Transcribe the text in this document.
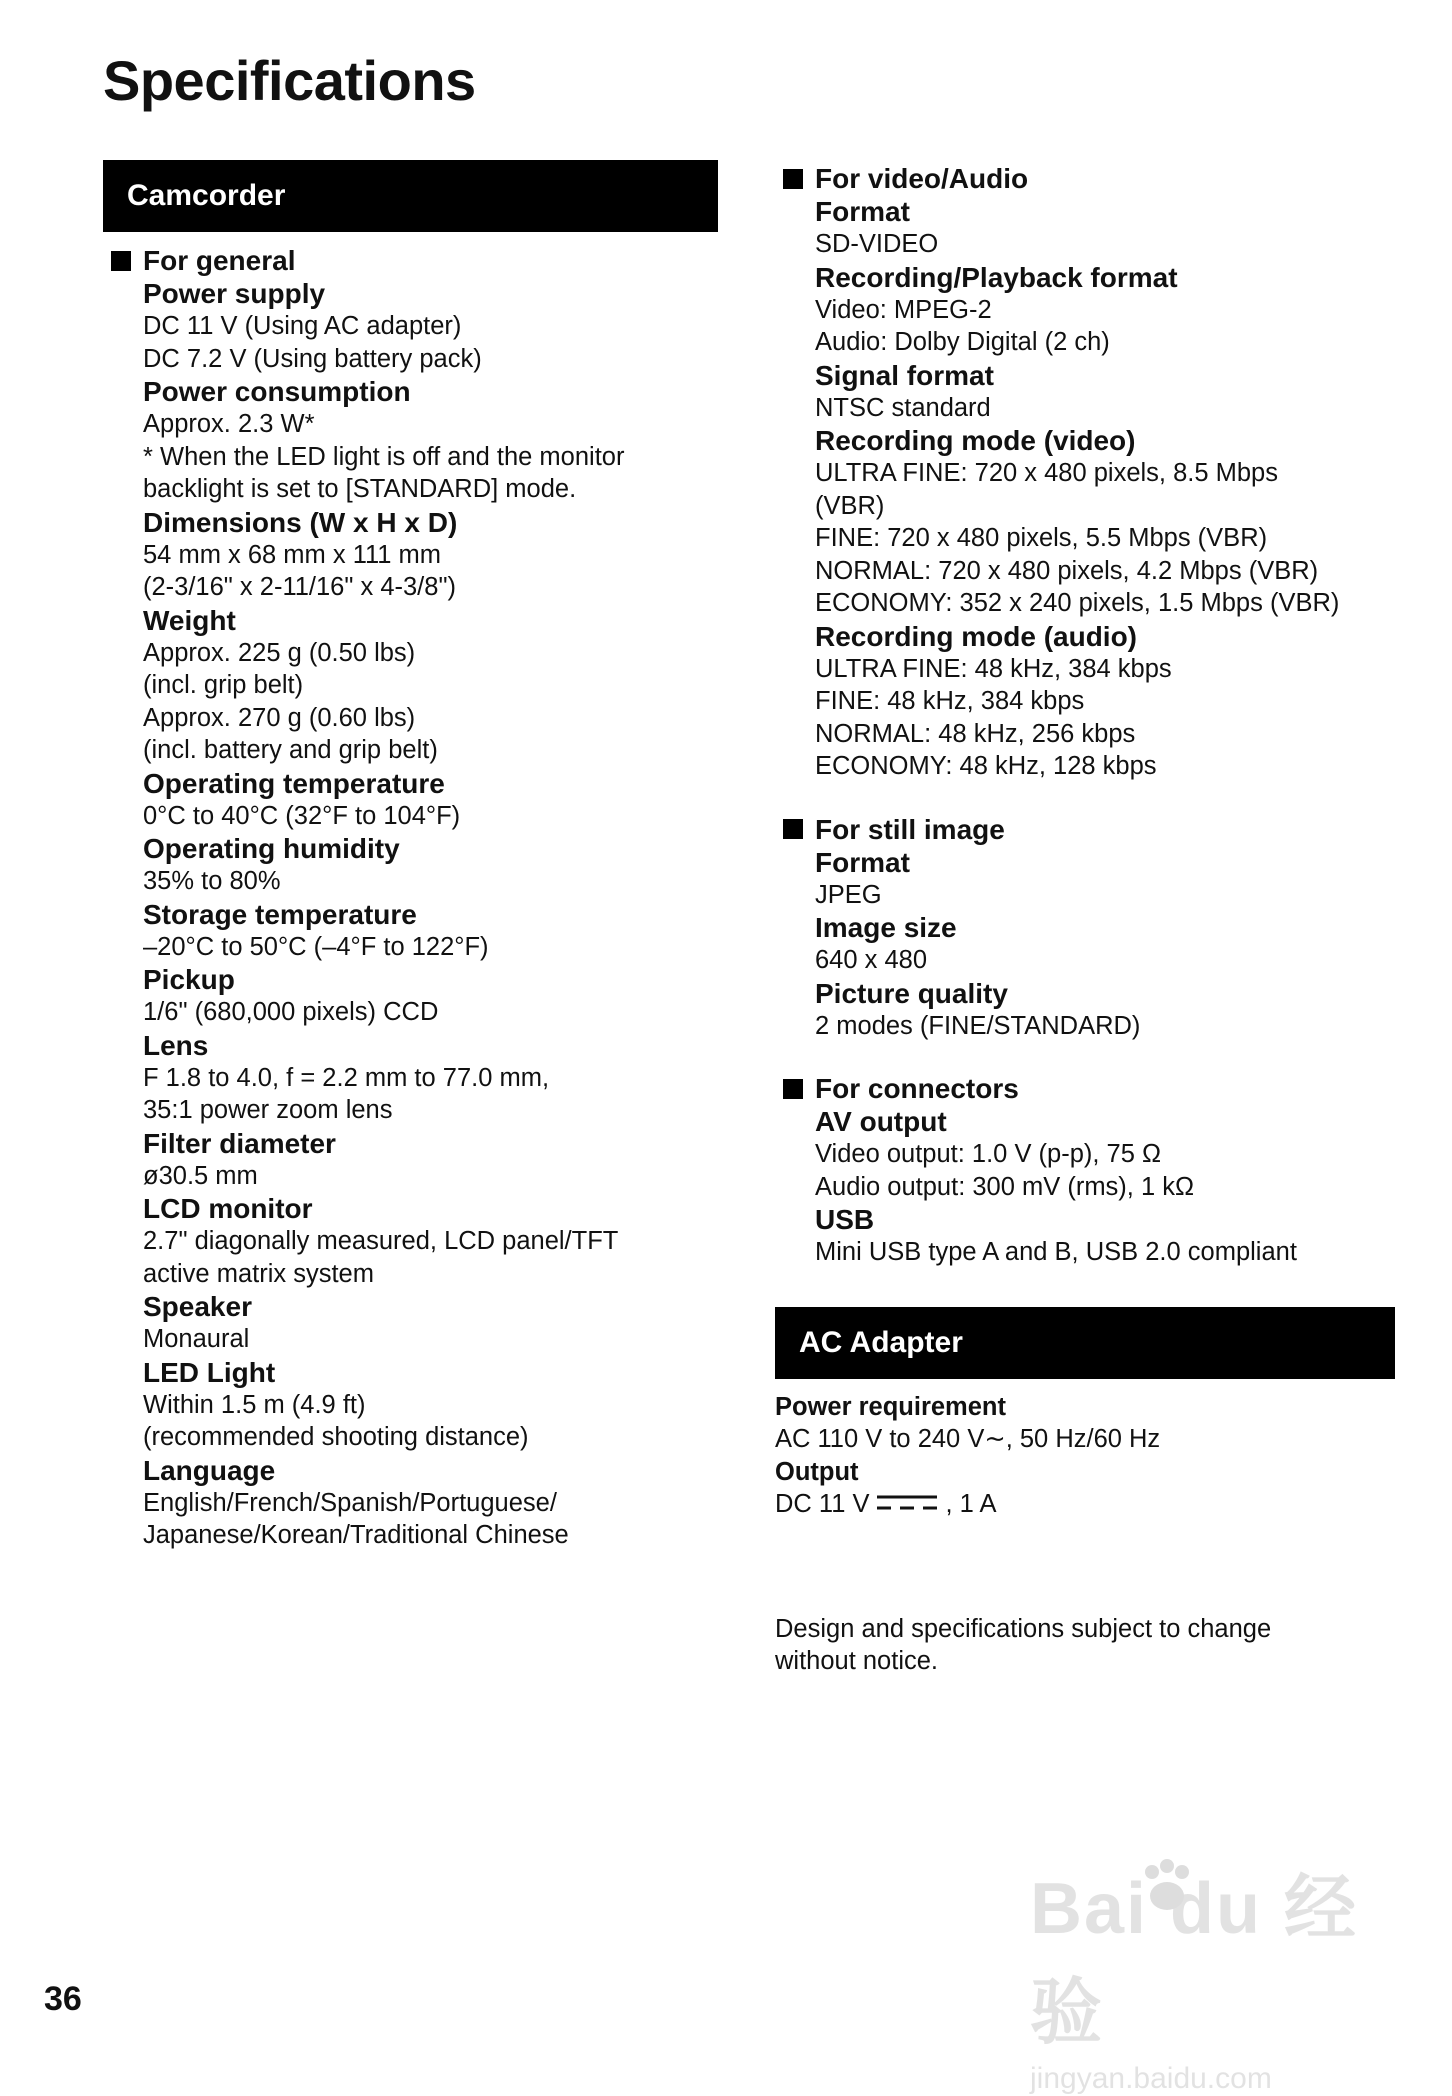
Specifications
Camcorder
For general
Power supply
DC 11 V (Using AC adapter)
DC 7.2 V (Using battery pack)
Power consumption
Approx. 2.3 W*
* When the LED light is off and the monitor
backlight is set to [STANDARD] mode.
Dimensions (W x H x D)
54 mm x 68 mm x 111 mm
(2-3/16" x 2-11/16" x 4-3/8")
Weight
Approx. 225 g (0.50 lbs)
(incl. grip belt)
Approx. 270 g (0.60 lbs)
(incl. battery and grip belt)
Operating temperature
0°C to 40°C (32°F to 104°F)
Operating humidity
35% to 80%
Storage temperature
–20°C to 50°C (–4°F to 122°F)
Pickup
1/6" (680,000 pixels) CCD
Lens
F 1.8 to 4.0, f = 2.2 mm to 77.0 mm,
35:1 power zoom lens
Filter diameter
ø30.5 mm
LCD monitor
2.7" diagonally measured, LCD panel/TFT
active matrix system
Speaker
Monaural
LED Light
Within 1.5 m (4.9 ft)
(recommended shooting distance)
Language
English/French/Spanish/Portuguese/
Japanese/Korean/Traditional Chinese
For video/Audio
Format
SD-VIDEO
Recording/Playback format
Video: MPEG-2
Audio: Dolby Digital (2 ch)
Signal format
NTSC standard
Recording mode (video)
ULTRA FINE: 720 x 480 pixels, 8.5 Mbps
(VBR)
FINE: 720 x 480 pixels, 5.5 Mbps (VBR)
NORMAL: 720 x 480 pixels, 4.2 Mbps (VBR)
ECONOMY: 352 x 240 pixels, 1.5 Mbps (VBR)
Recording mode (audio)
ULTRA FINE: 48 kHz, 384 kbps
FINE: 48 kHz, 384 kbps
NORMAL: 48 kHz, 256 kbps
ECONOMY: 48 kHz, 128 kbps
For still image
Format
JPEG
Image size
640 x 480
Picture quality
2 modes (FINE/STANDARD)
For connectors
AV output
Video output: 1.0 V (p-p), 75 Ω
Audio output: 300 mV (rms), 1 kΩ
USB
Mini USB type A and B, USB 2.0 compliant
AC Adapter
Power requirement
AC 110 V to 240 V∼, 50 Hz/60 Hz
Output
DC 11 V	, 1 A
Design and specifications subject to change
without notice.
36
Bai du 经验
jingyan.baidu.com
